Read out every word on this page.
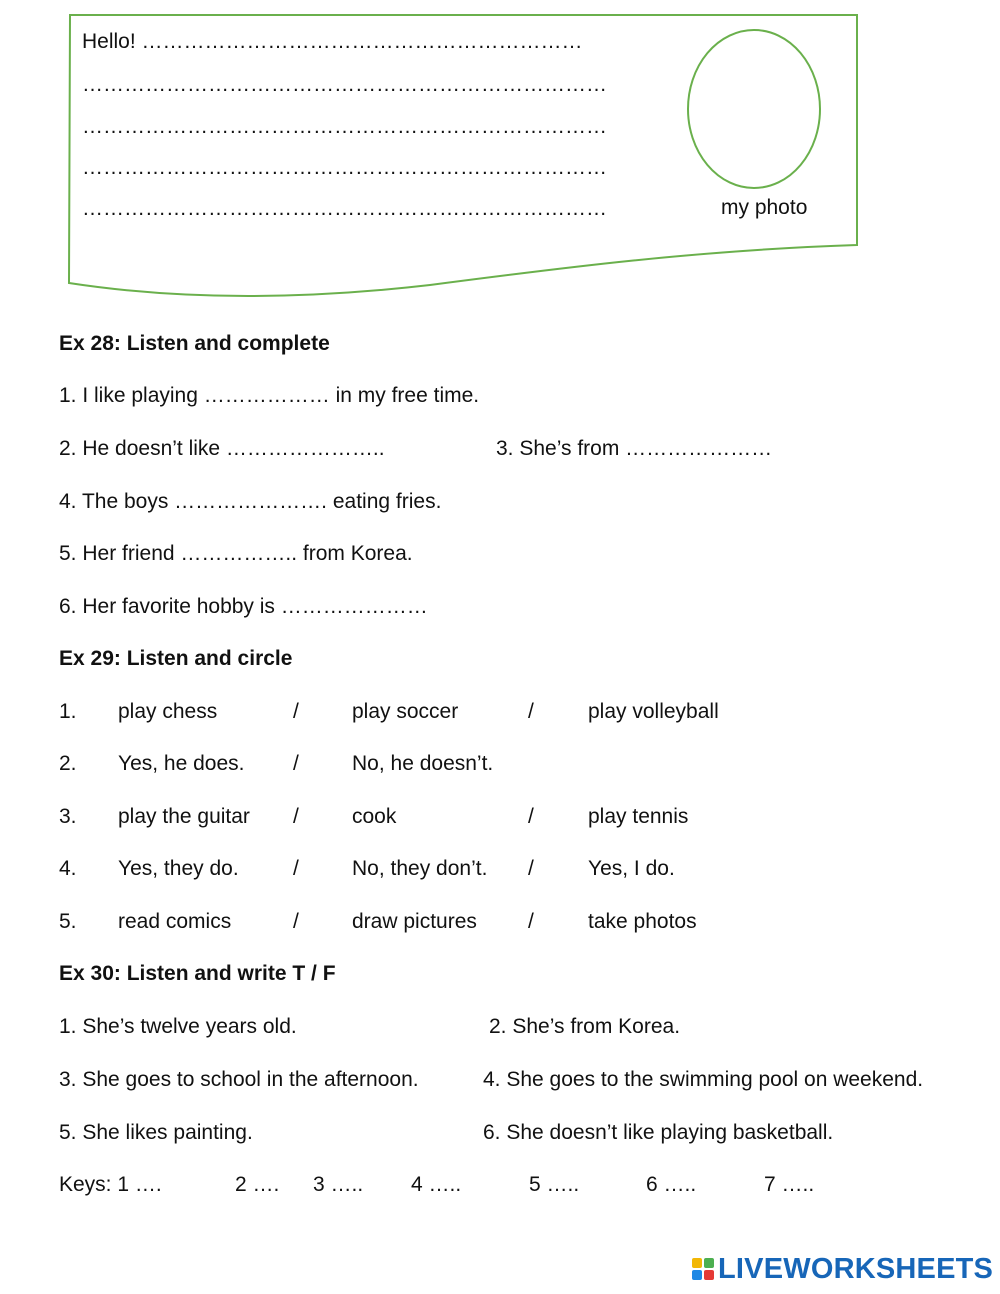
Hello! ………………………………………………………
…………………………………………………………………
…………………………………………………………………
…………………………………………………………………
…………………………………………………………………	my photo
Ex 28: Listen and complete
1. I like playing ……………… in my free time.
2. He doesn’t like …………………..	3. She’s from …………………
4. The boys …………………. eating fries.
5. Her friend …………….. from Korea.
6. Her favorite hobby is …………………
Ex 29: Listen and circle
1. play chess	/	play soccer	/	play volleyball
2. Yes, he does. /	No, he doesn’t.
3. play the guitar /	cook	/	play tennis
4. Yes, they do.	/	No, they don’t. /	Yes, I do.
5. read comics	/	draw pictures /	take photos
Ex 30: Listen and write T / F
1. She’s twelve years old.	2. She’s from Korea.
3. She goes to school in the afternoon.	4. She goes to the swimming pool on weekend.
5. She likes painting.	6. She doesn’t like playing basketball.
Keys: 1 ….	2 …. 3 ….. 4 …..	5 …..	6 …..	7 …..
LIVEWORKSHEETS
